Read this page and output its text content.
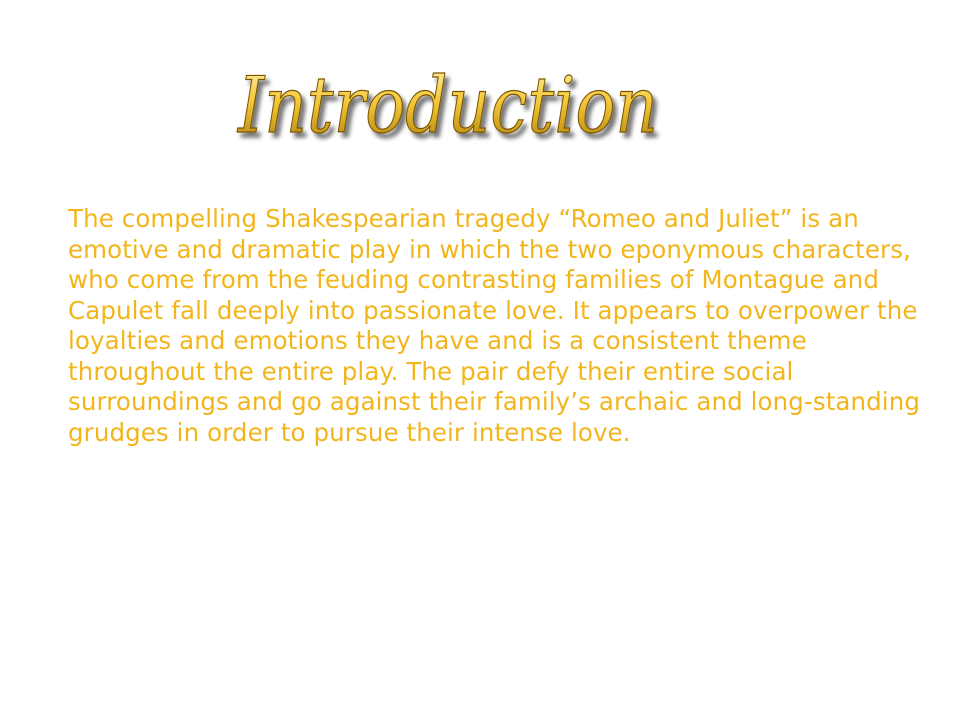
Introduction

The compelling Shakespearian tragedy “Romeo and Juliet” is an emotive and dramatic play in which the two eponymous characters, who come from the feuding contrasting families of Montague and Capulet fall deeply into passionate love. It appears to overpower the loyalties and emotions they have and is a consistent theme throughout the entire play. The pair defy their entire social surroundings and go against their family’s archaic and long-standing grudges in order to pursue their intense love.
